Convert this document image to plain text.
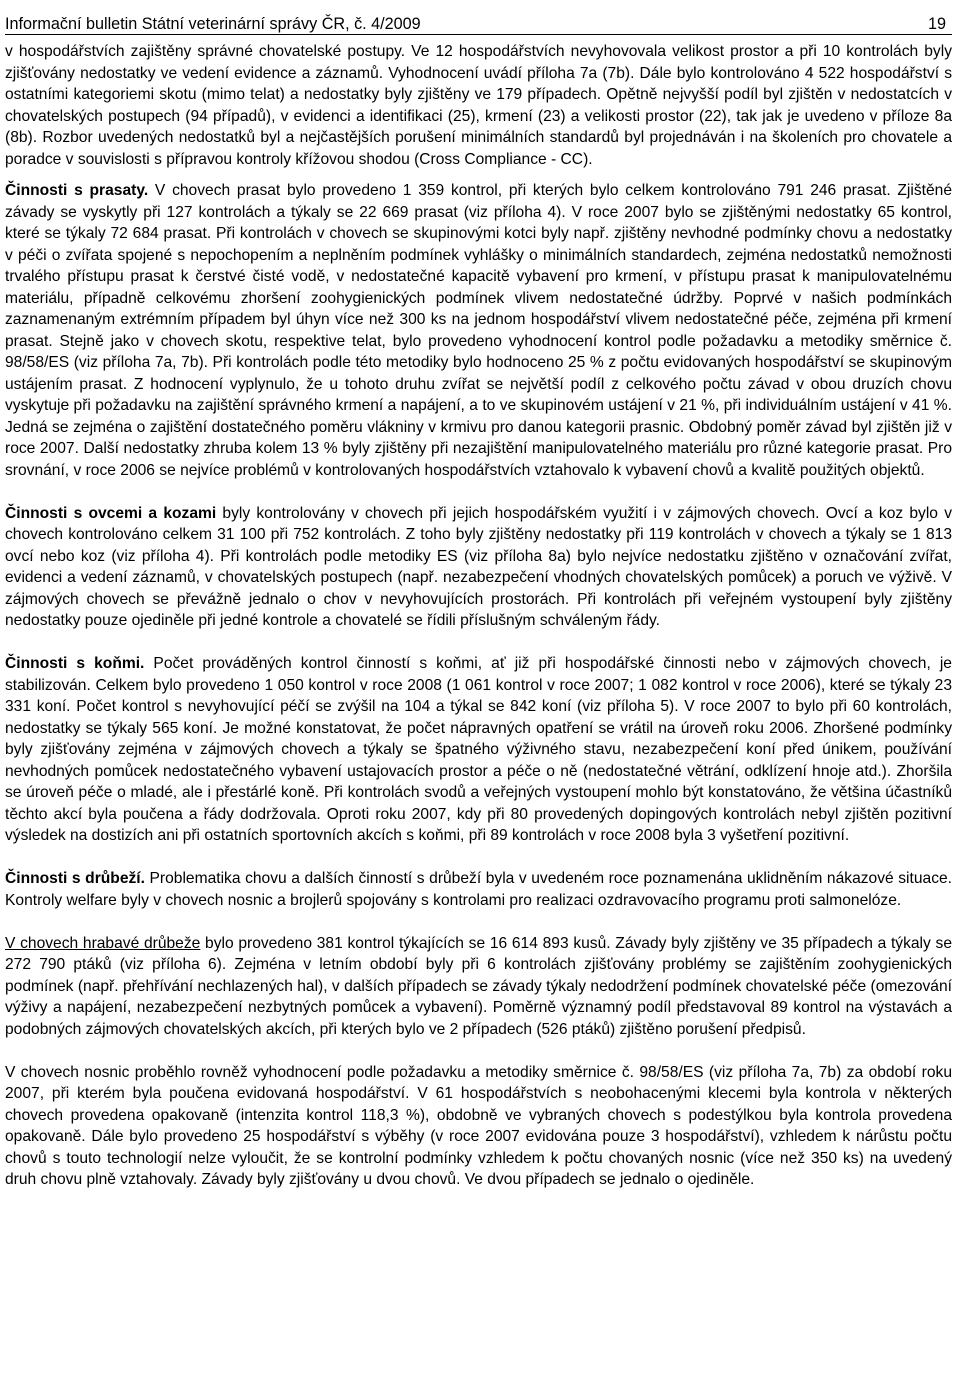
Informační bulletin Státní veterinární správy ČR, č. 4/2009	19

v hospodářstvích zajištěny správné chovatelské postupy. Ve 12 hospodářstvích nevyhovovala velikost prostor a při 10 kontrolách byly zjišťovány nedostatky ve vedení evidence a záznamů. Vyhodnocení uvádí příloha 7a (7b). Dále bylo kontrolováno 4 522 hospodářství s ostatními kategoriemi skotu (mimo telat) a nedostatky byly zjištěny ve 179 případech. Opětně nejvyšší podíl byl zjištěn v nedostatcích v chovatelských postupech (94 případů), v evidenci a identifikaci (25), krmení (23) a velikosti prostor (22), tak jak je uvedeno v příloze 8a (8b). Rozbor uvedených nedostatků byl a nejčastějších porušení minimálních standardů byl projednáván i na školeních pro chovatele a poradce v souvislosti s přípravou kontroly křížovou shodou (Cross Compliance - CC).

Činnosti s prasaty. V chovech prasat bylo provedeno 1 359 kontrol, při kterých bylo celkem kontrolováno 791 246 prasat. Zjištěné závady se vyskytly při 127 kontrolách a týkaly se 22 669 prasat (viz příloha 4). V roce 2007 bylo se zjištěnými nedostatky 65 kontrol, které se týkaly 72 684 prasat. Při kontrolách v chovech se skupinovými kotci byly např. zjištěny nevhodné podmínky chovu a nedostatky v péči o zvířata spojené s nepochopením a neplněním podmínek vyhlášky o minimálních standardech, zejména nedostatků nemožnosti trvalého přístupu prasat k čerstvé čisté vodě, v nedostatečné kapacitě vybavení pro krmení, v přístupu prasat k manipulovatelnému materiálu, případně celkovému zhoršení zoohygienických podmínek vlivem nedostatečné údržby. Poprvé v našich podmínkách zaznamenaným extrémním případem byl úhyn více než 300 ks na jednom hospodářství vlivem nedostatečné péče, zejména při krmení prasat. Stejně jako v chovech skotu, respektive telat, bylo provedeno vyhodnocení kontrol podle požadavku a metodiky směrnice č. 98/58/ES (viz příloha 7a, 7b). Při kontrolách podle této metodiky bylo hodnoceno 25 % z počtu evidovaných hospodářství se skupinovým ustájením prasat. Z hodnocení vyplynulo, že u tohoto druhu zvířat se největší podíl z celkového počtu závad v obou druzích chovu vyskytuje při požadavku na zajištění správného krmení a napájení, a to ve skupinovém ustájení v 21 %, při individuálním ustájení v 41 %. Jedná se zejména o zajištění dostatečného poměru vlákniny v krmivu pro danou kategorii prasnic. Obdobný poměr závad byl zjištěn již v roce 2007. Další nedostatky zhruba kolem 13 % byly zjištěny při nezajištění manipulovatelného materiálu pro různé kategorie prasat. Pro srovnání, v roce 2006 se nejvíce problémů v kontrolovaných hospodářstvích vztahovalo k vybavení chovů a kvalitě použitých objektů.

Činnosti s ovcemi a kozami byly kontrolovány v chovech při jejich hospodářském využití i v zájmových chovech. Ovcí a koz bylo v chovech kontrolováno celkem 31 100 při 752 kontrolách. Z toho byly zjištěny nedostatky při 119 kontrolách v chovech a týkaly se 1 813 ovcí nebo koz (viz příloha 4). Při kontrolách podle metodiky ES (viz příloha 8a) bylo nejvíce nedostatku zjištěno v označování zvířat, evidenci a vedení záznamů, v chovatelských postupech (např. nezabezpečení vhodných chovatelských pomůcek) a poruch ve výživě. V zájmových chovech se převážně jednalo o chov v nevyhovujících prostorách. Při kontrolách při veřejném vystoupení byly zjištěny nedostatky pouze ojediněle při jedné kontrole a chovatelé se řídili příslušným schváleným řády.

Činnosti s koňmi. Počet prováděných kontrol činností s koňmi, ať již při hospodářské činnosti nebo v zájmových chovech, je stabilizován. Celkem bylo provedeno 1 050 kontrol v roce 2008 (1 061 kontrol v roce 2007; 1 082 kontrol v roce 2006), které se týkaly 23 331 koní. Počet kontrol s nevyhovující péčí se zvýšil na 104 a týkal se 842 koní (viz příloha 5). V roce 2007 to bylo při 60 kontrolách, nedostatky se týkaly 565 koní. Je možné konstatovat, že počet nápravných opatření se vrátil na úroveň roku 2006. Zhoršené podmínky byly zjišťovány zejména v zájmových chovech a týkaly se špatného výživného stavu, nezabezpečení koní před únikem, používání nevhodných pomůcek nedostatečného vybavení ustajovacích prostor a péče o ně (nedostatečné větrání, odklízení hnoje atd.). Zhoršila se úroveň péče o mladé, ale i přestárlé koně. Při kontrolách svodů a veřejných vystoupení mohlo být konstatováno, že většina účastníků těchto akcí byla poučena a řády dodržovala. Oproti roku 2007, kdy při 80 provedených dopingových kontrolách nebyl zjištěn pozitivní výsledek na dostizích ani při ostatních sportovních akcích s koňmi, při 89 kontrolách v roce 2008 byla 3 vyšetření pozitivní.

Činnosti s drůbeží. Problematika chovu a dalších činností s drůbeží byla v uvedeném roce poznamenána uklidněním nákazové situace. Kontroly welfare byly v chovech nosnic a brojlerů spojovány s kontrolami pro realizaci ozdravovacího programu proti salmonelóze.

V chovech hrabavé drůbeže bylo provedeno 381 kontrol týkajících se 16 614 893 kusů. Závady byly zjištěny ve 35 případech a týkaly se 272 790 ptáků (viz příloha 6). Zejména v letním období byly při 6 kontrolách zjišťovány problémy se zajištěním zoohygienických podmínek (např. přehřívání nechlazených hal), v dalších případech se závady týkaly nedodržení podmínek chovatelské péče (omezování výživy a napájení, nezabezpečení nezbytných pomůcek a vybavení). Poměrně významný podíl představoval 89 kontrol na výstavách a podobných zájmových chovatelských akcích, při kterých bylo ve 2 případech (526 ptáků) zjištěno porušení předpisů.

V chovech nosnic proběhlo rovněž vyhodnocení podle požadavku a metodiky směrnice č. 98/58/ES (viz příloha 7a, 7b) za období roku 2007, při kterém byla poučena evidovaná hospodářství. V 61 hospodářstvích s neobohacenými klecemi byla kontrola v některých chovech provedena opakovaně (intenzita kontrol 118,3 %), obdobně ve vybraných chovech s podestýlkou byla kontrola provedena opakovaně. Dále bylo provedeno 25 hospodářství s výběhy (v roce 2007 evidována pouze 3 hospodářství), vzhledem k nárůstu počtu chovů s touto technologií nelze vyloučit, že se kontrolní podmínky vzhledem k počtu chovaných nosnic (více než 350 ks) na uvedený druh chovu plně vztahovaly. Závady byly zjišťovány u dvou chovů. Ve dvou případech se jednalo o ojediněle.
